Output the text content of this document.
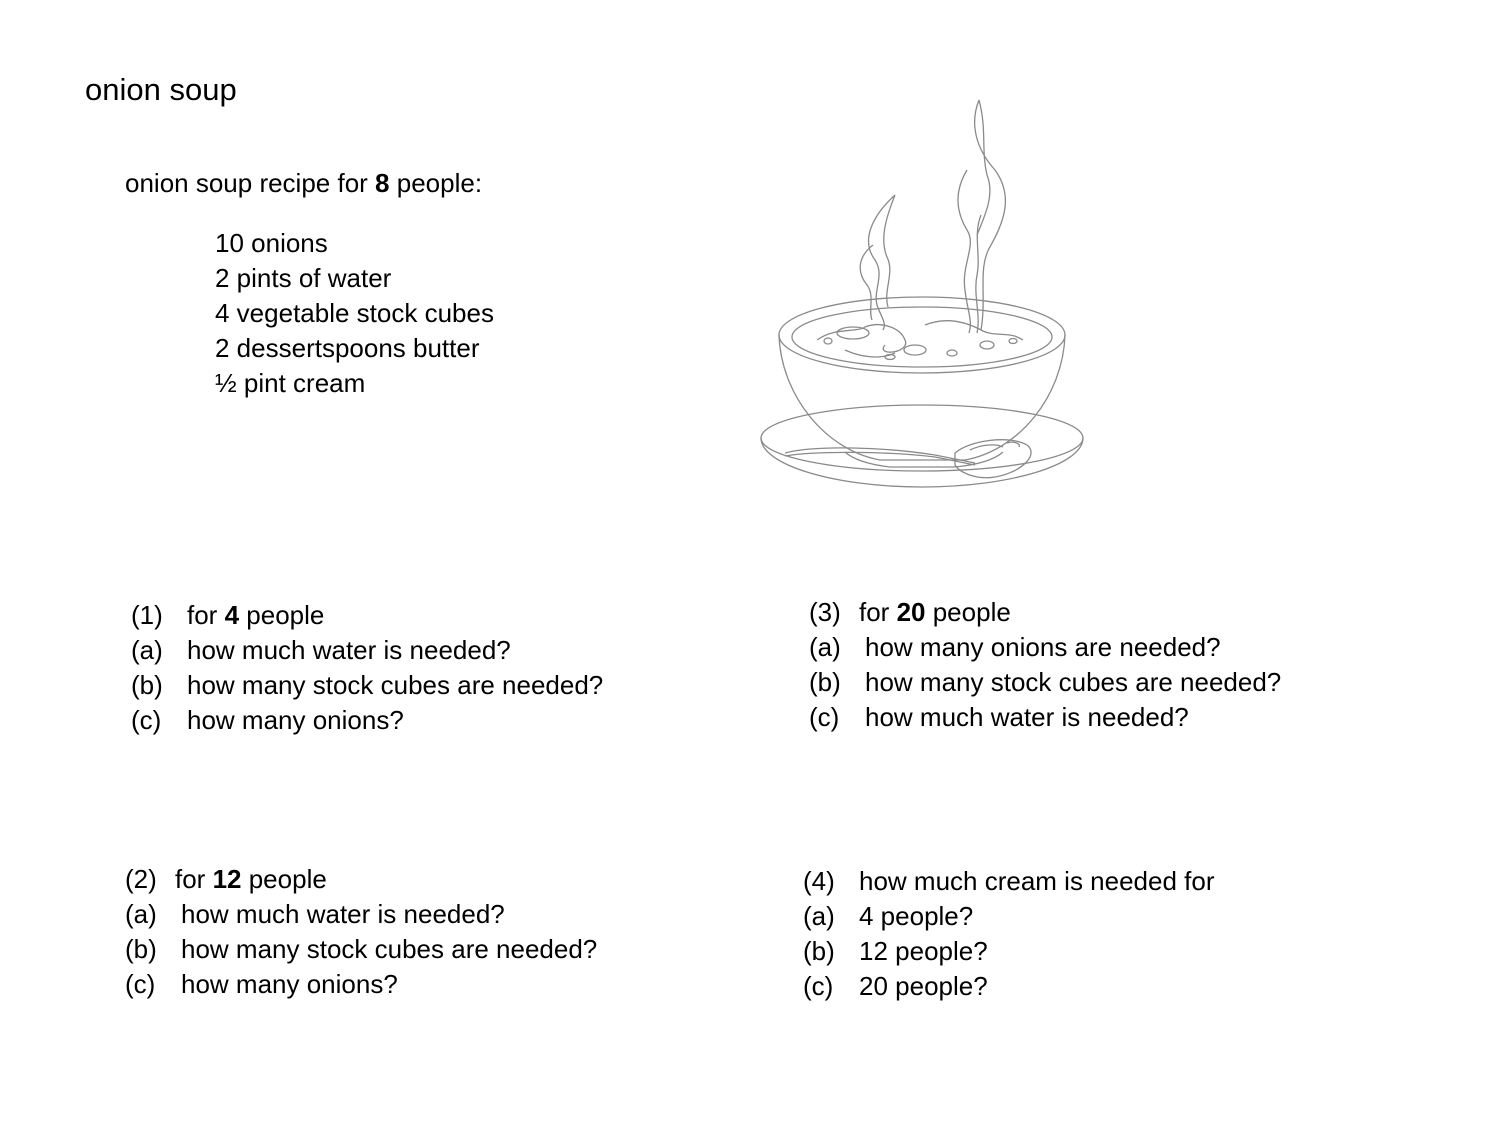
onion soup
onion soup recipe for 8 people:
10 onions
2 pints of water
4 vegetable stock cubes
2 dessertspoons butter
½ pint cream
(1) for 4 people
(a) how much water is needed?
(b) how many stock cubes are needed?
(c) how many onions?
(2) for 12 people
(a) how much water is needed?
(b) how many stock cubes are needed?
(c) how many onions?
(3) for 20 people
(a) how many onions are needed?
(b) how many stock cubes are needed?
(c) how much water is needed?
(4) how much cream is needed for
(a) 4 people?
(b) 12 people?
(c) 20 people?
